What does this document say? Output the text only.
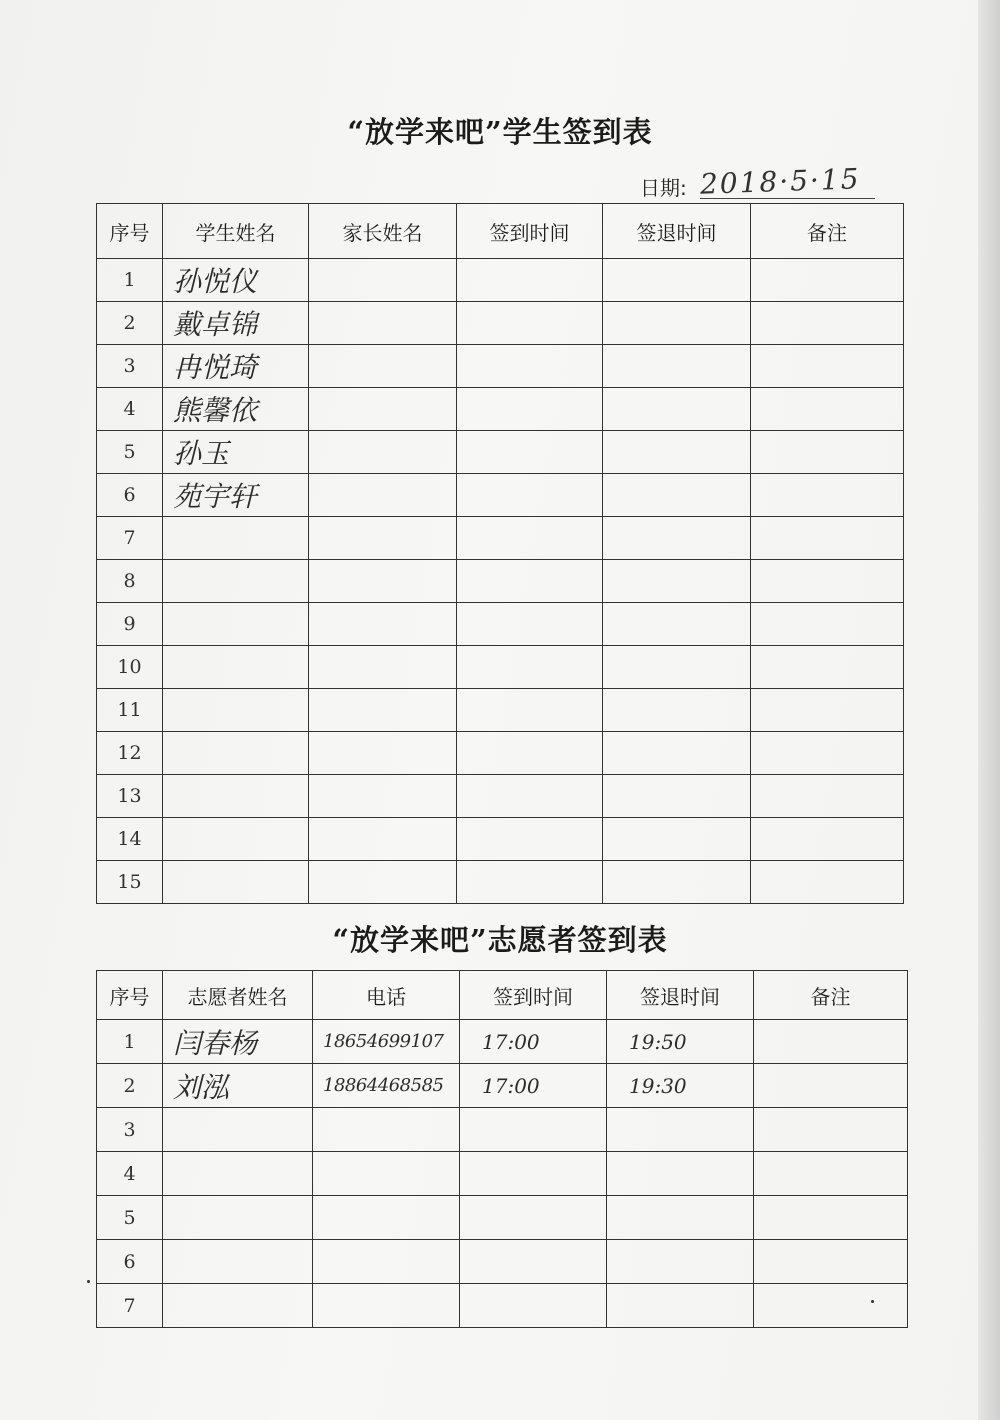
“放学来吧”学生签到表
日期: 2018·5·15
序号	学生姓名	家长姓名	签到时间	签退时间	备注
1	孙悦仪				
2	戴卓锦				
3	冉悦琦				
4	熊馨依				
5	孙玉				
6	苑宇轩				
7					
8					
9					
10					
11					
12					
13					
14					
15					
“放学来吧”志愿者签到表
序号	志愿者姓名	电话	签到时间	签退时间	备注
1	闫春杨	18654699107	17:00	19:50	
2	刘泓	18864468585	17:00	19:30	
3					
4					
5					
6					
7					
